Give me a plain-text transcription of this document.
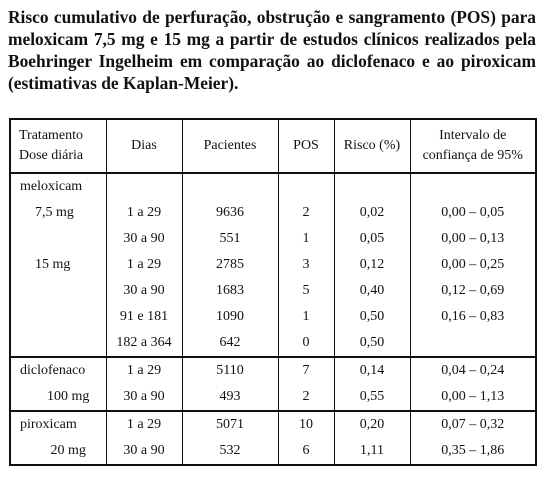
Risco cumulativo de perfuração, obstrução e sangramento (POS) para meloxicam 7,5 mg e 15 mg a partir de estudos clínicos realizados pela Boehringer Ingelheim em comparação ao diclofenaco e ao piroxicam (estimativas de Kaplan-Meier).

Tratamento
Dose diária	Dias	Pacientes	POS	Risco (%)	Intervalo de
confiança de 95%
meloxicam					
7,5 mg	1 a 29	9636	2	0,02	0,00 – 0,05
	30 a 90	551	1	0,05	0,00 – 0,13
15 mg	1 a 29	2785	3	0,12	0,00 – 0,25
	30 a 90	1683	5	0,40	0,12 – 0,69
	91 e 181	1090	1	0,50	0,16 – 0,83
	182 a 364	642	0	0,50	
diclofenaco	1 a 29	5110	7	0,14	0,04 – 0,24
100 mg	30 a 90	493	2	0,55	0,00 – 1,13
piroxicam	1 a 29	5071	10	0,20	0,07 – 0,32
20 mg	30 a 90	532	6	1,11	0,35 – 1,86
